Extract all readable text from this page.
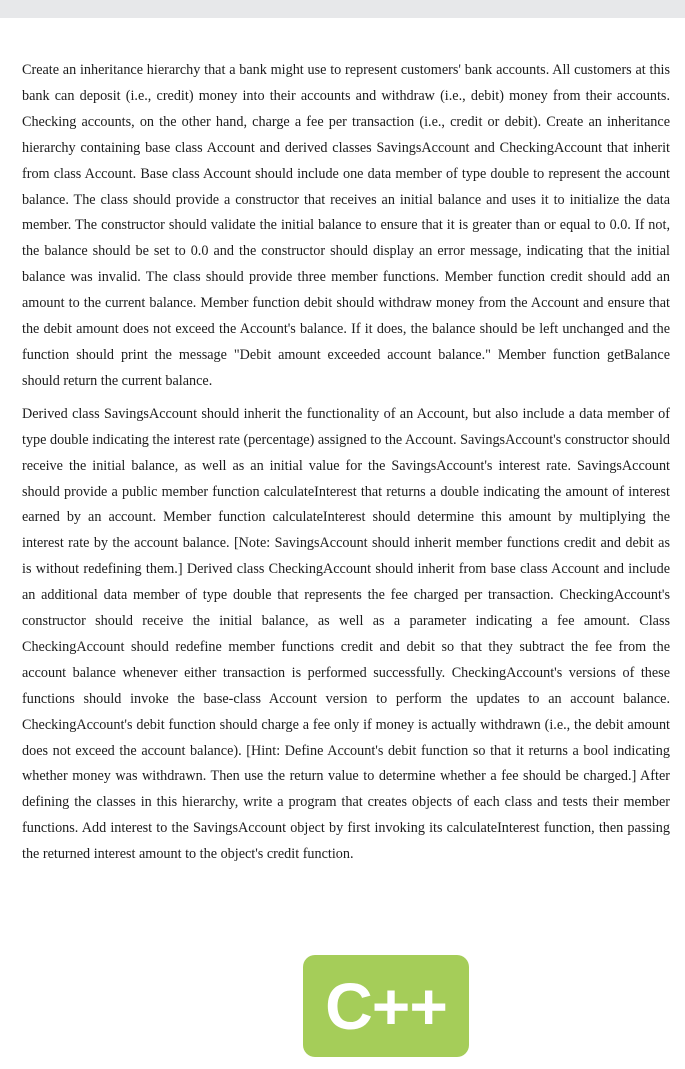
Create an inheritance hierarchy that a bank might use to represent customers' bank accounts. All customers at this bank can deposit (i.e., credit) money into their accounts and withdraw (i.e., debit) money from their accounts. Checking accounts, on the other hand, charge a fee per transaction (i.e., credit or debit). Create an inheritance hierarchy containing base class Account and derived classes SavingsAccount and CheckingAccount that inherit from class Account. Base class Account should include one data member of type double to represent the account balance. The class should provide a constructor that receives an initial balance and uses it to initialize the data member. The constructor should validate the initial balance to ensure that it is greater than or equal to 0.0. If not, the balance should be set to 0.0 and the constructor should display an error message, indicating that the initial balance was invalid. The class should provide three member functions. Member function credit should add an amount to the current balance. Member function debit should withdraw money from the Account and ensure that the debit amount does not exceed the Account's balance. If it does, the balance should be left unchanged and the function should print the message "Debit amount exceeded account balance." Member function getBalance should return the current balance.

Derived class SavingsAccount should inherit the functionality of an Account, but also include a data member of type double indicating the interest rate (percentage) assigned to the Account. SavingsAccount's constructor should receive the initial balance, as well as an initial value for the SavingsAccount's interest rate. SavingsAccount should provide a public member function calculateInterest that returns a double indicating the amount of interest earned by an account. Member function calculateInterest should determine this amount by multiplying the interest rate by the account balance. [Note: SavingsAccount should inherit member functions credit and debit as is without redefining them.] Derived class CheckingAccount should inherit from base class Account and include an additional data member of type double that represents the fee charged per transaction. CheckingAccount's constructor should receive the initial balance, as well as a parameter indicating a fee amount. Class CheckingAccount should redefine member functions credit and debit so that they subtract the fee from the account balance whenever either transaction is performed successfully. CheckingAccount's versions of these functions should invoke the base-class Account version to perform the updates to an account balance. CheckingAccount's debit function should charge a fee only if money is actually withdrawn (i.e., the debit amount does not exceed the account balance). [Hint: Define Account's debit function so that it returns a bool indicating whether money was withdrawn. Then use the return value to determine whether a fee should be charged.] After defining the classes in this hierarchy, write a program that creates objects of each class and tests their member functions. Add interest to the SavingsAccount object by first invoking its calculateInterest function, then passing the returned interest amount to the object's credit function.

C++
